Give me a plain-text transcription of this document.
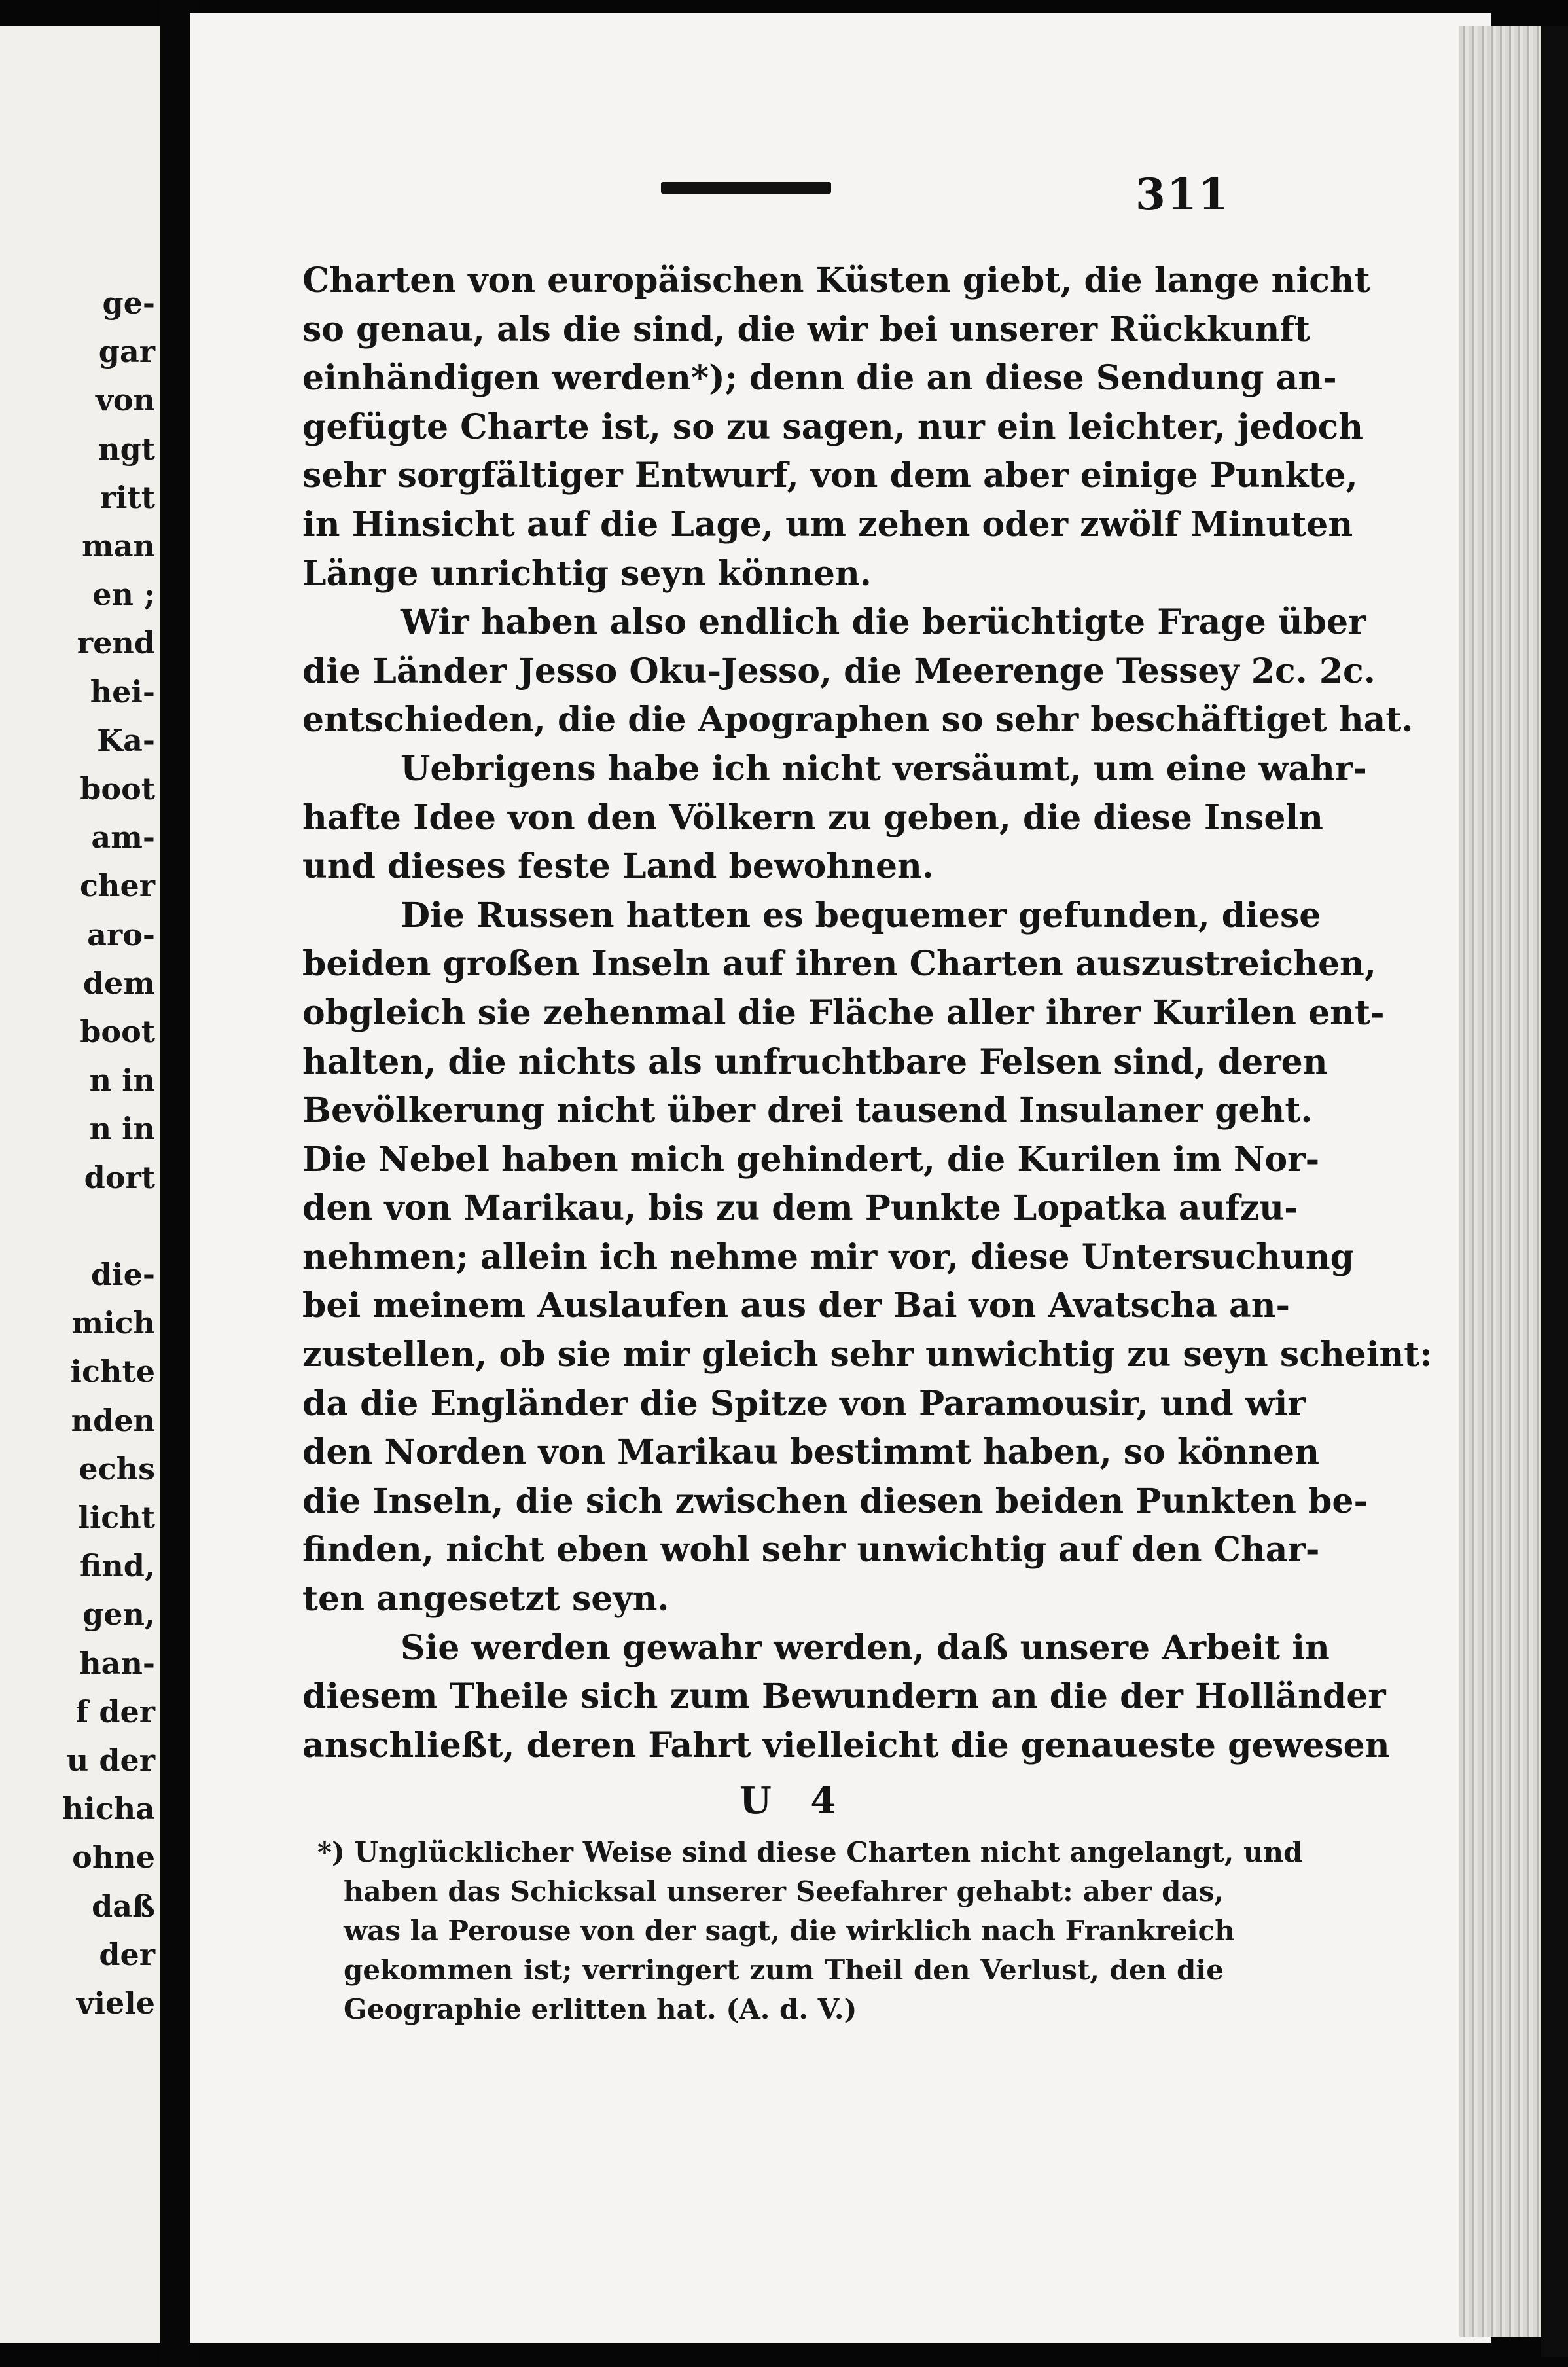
ge-
gar
von
ngt
ritt
man
en ;
rend
hei-
Ka-
boot
am-
cher
aro-
dem
boot
n in
n in
dort
die-
mich
ichte
nden
echs
licht
find,
gen,
han-
f der
u der
hicha
ohne
daß
der
viele
311
Charten von europäischen Küsten giebt, die lange nicht
so genau, als die sind, die wir bei unserer Rückkunft
einhändigen werden*); denn die an diese Sendung an-
gefügte Charte ist, so zu sagen, nur ein leichter, jedoch
sehr sorgfältiger Entwurf, von dem aber einige Punkte,
in Hinsicht auf die Lage, um zehen oder zwölf Minuten
Länge unrichtig seyn können.
Wir haben also endlich die berüchtigte Frage über
die Länder Jesso Oku-Jesso, die Meerenge Tessey 2c. 2c.
entschieden, die die Apographen so sehr beschäftiget hat.
Uebrigens habe ich nicht versäumt, um eine wahr-
hafte Idee von den Völkern zu geben, die diese Inseln
und dieses feste Land bewohnen.
Die Russen hatten es bequemer gefunden, diese
beiden großen Inseln auf ihren Charten auszustreichen,
obgleich sie zehenmal die Fläche aller ihrer Kurilen ent-
halten, die nichts als unfruchtbare Felsen sind, deren
Bevölkerung nicht über drei tausend Insulaner geht.
Die Nebel haben mich gehindert, die Kurilen im Nor-
den von Marikau, bis zu dem Punkte Lopatka aufzu-
nehmen; allein ich nehme mir vor, diese Untersuchung
bei meinem Auslaufen aus der Bai von Avatscha an-
zustellen, ob sie mir gleich sehr unwichtig zu seyn scheint:
da die Engländer die Spitze von Paramousir, und wir
den Norden von Marikau bestimmt haben, so können
die Inseln, die sich zwischen diesen beiden Punkten be-
finden, nicht eben wohl sehr unwichtig auf den Char-
ten angesetzt seyn.
Sie werden gewahr werden, daß unsere Arbeit in
diesem Theile sich zum Bewundern an die der Holländer
anschließt, deren Fahrt vielleicht die genaueste gewesen
U 4
*) Unglücklicher Weise sind diese Charten nicht angelangt, und
haben das Schicksal unserer Seefahrer gehabt: aber das,
was la Perouse von der sagt, die wirklich nach Frankreich
gekommen ist; verringert zum Theil den Verlust, den die
Geographie erlitten hat. (A. d. V.)
